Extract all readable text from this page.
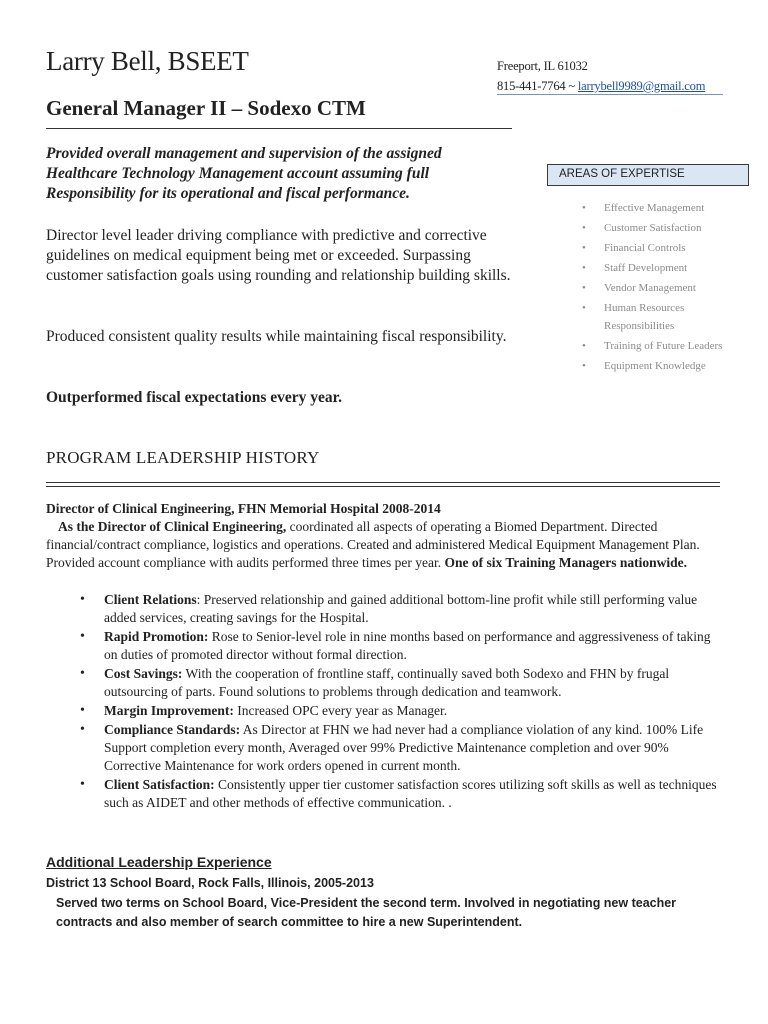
Larry Bell, BSEET	Freeport, IL 61032
815-441-7764 ~ larrybell9989@gmail.com
General Manager II – Sodexo CTM
Provided overall management and supervision of the assigned Healthcare Technology Management account assuming full Responsibility for its operational and fiscal performance.
Director level leader driving compliance with predictive and corrective guidelines on medical equipment being met or exceeded. Surpassing customer satisfaction goals using rounding and relationship building skills.
Produced consistent quality results while maintaining fiscal responsibility.
Outperformed fiscal expectations every year.
AREAS OF EXPERTISE
• Effective Management
• Customer Satisfaction
• Financial Controls
• Staff Development
• Vendor Management
• Human Resources Responsibilities
• Training of Future Leaders
• Equipment Knowledge
PROGRAM LEADERSHIP HISTORY
Director of Clinical Engineering, FHN Memorial Hospital 2008-2014
As the Director of Clinical Engineering, coordinated all aspects of operating a Biomed Department. Directed financial/contract compliance, logistics and operations. Created and administered Medical Equipment Management Plan. Provided account compliance with audits performed three times per year. One of six Training Managers nationwide.
• Client Relations: Preserved relationship and gained additional bottom-line profit while still performing value added services, creating savings for the Hospital.
• Rapid Promotion: Rose to Senior-level role in nine months based on performance and aggressiveness of taking on duties of promoted director without formal direction.
• Cost Savings: With the cooperation of frontline staff, continually saved both Sodexo and FHN by frugal outsourcing of parts. Found solutions to problems through dedication and teamwork.
• Margin Improvement: Increased OPC every year as Manager.
• Compliance Standards: As Director at FHN we had never had a compliance violation of any kind. 100% Life Support completion every month, Averaged over 99% Predictive Maintenance completion and over 90% Corrective Maintenance for work orders opened in current month.
• Client Satisfaction: Consistently upper tier customer satisfaction scores utilizing soft skills as well as techniques such as AIDET and other methods of effective communication. .
Additional Leadership Experience
District 13 School Board, Rock Falls, Illinois, 2005-2013
Served two terms on School Board, Vice-President the second term. Involved in negotiating new teacher contracts and also member of search committee to hire a new Superintendent.
